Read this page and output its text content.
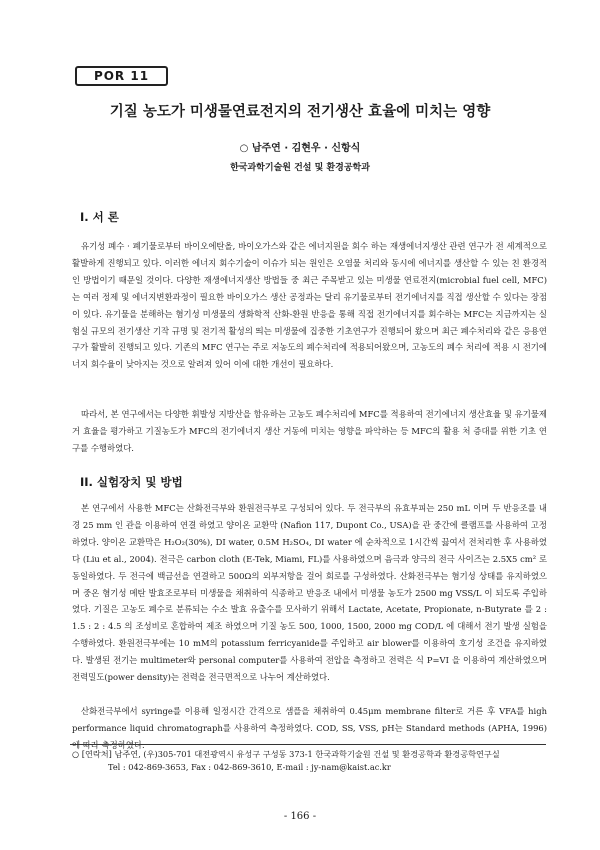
POR 11
기질 농도가 미생물연료전지의 전기생산 효율에 미치는 영향
○ 남주연 · 김현우 · 신항식
한국과학기술원 건설 및 환경공학과
I. 서 론

유기성 폐수 · 폐기물로부터 바이오에탄올, 바이오가스와 같은 에너지원을 회수 하는 재생에너지생산 관련 연구가 전 세계적으로 활발하게 진행되고 있다. 이러한 에너지 회수기술이 이슈가 되는 원인은 오염물 처리와 동시에 에너지를 생산할 수 있는 친 환경적인 방법이기 때문일 것이다. 다양한 재생에너지생산 방법들 중 최근 주목받고 있는 미생물 연료전지(microbial fuel cell, MFC)는 여러 정제 및 에너지변환과정이 필요한 바이오가스 생산 공정과는 달리 유기물로부터 전기에너지를 직접 생산할 수 있다는 장점이 있다. 유기물을 분해하는 혐기성 미생물의 생화학적 산화-환원 반응을 통해 직접 전기에너지를 회수하는 MFC는 지금까지는 실험실 규모의 전기생산 기작 규명 및 전기적 활성의 띄는 미생물에 집중한 기초연구가 진행되어 왔으며 최근 폐수처리와 같은 응용연구가 활발히 진행되고 있다. 기존의 MFC 연구는 주로 저농도의 폐수처리에 적용되어왔으며, 고농도의 폐수 처리에 적용 시 전기에너지 회수율이 낮아지는 것으로 알려져 있어 이에 대한 개선이 필요하다.

따라서, 본 연구에서는 다양한 휘발성 지방산을 함유하는 고농도 폐수처리에 MFC를 적용하여 전기에너지 생산효율 및 유기물제거 효율을 평가하고 기질농도가 MFC의 전기에너지 생산 거동에 미치는 영향을 파악하는 등 MFC의 활용 처 증대를 위한 기초 연구를 수행하였다.

II. 실험장치 및 방법

본 연구에서 사용한 MFC는 산화전극부와 환원전극부로 구성되어 있다. 두 전극부의 유효부피는 250 mL 이며 두 반응조를 내경 25 mm 인 관을 이용하여 연결 하였고 양이온 교환막 (Nafion 117, Dupont Co., USA)을 관 중간에 클램프를 사용하여 고정하였다. 양이온 교환막은 H₂O₂(30%), DI water, 0.5M H₂SO₄, DI water 에 순차적으로 1시간씩 끓여서 전처리한 후 사용하였다 (Liu et al., 2004). 전극은 carbon cloth (E-Tek, Miami, FL)를 사용하였으며 음극과 양극의 전극 사이즈는 2.5X5 cm² 로 동일하였다. 두 전극에 백금선을 연결하고 500Ω의 외부저항을 걸어 회로를 구성하였다. 산화전극부는 혐기성 상태를 유지하였으며 중온 혐기성 메탄 발효조로부터 미생물을 채취하여 식종하고 반응조 내에서 미생물 농도가 2500 mg VSS/L 이 되도록 주입하였다. 기질은 고농도 폐수로 분류되는 수소 발효 유출수를 모사하기 위해서 Lactate, Acetate, Propionate, n-Butyrate 를 2 : 1.5 : 2 : 4.5 의 조성비로 혼합하여 제조 하였으며 기질 농도 500, 1000, 1500, 2000 mg COD/L 에 대해서 전기 발생 실험을 수행하였다. 환원전극부에는 10 mM의 potassium ferricyanide를 주입하고 air blower를 이용하여 호기성 조건을 유지하였다. 발생된 전기는 multimeter와 personal computer를 사용하여 전압을 측정하고 전력은 식 P=VI 을 이용하여 계산하였으며 전력밀도(power density)는 전력을 전극면적으로 나누어 계산하였다.

산화전극부에서 syringe를 이용해 일정시간 간격으로 샘플을 채취하여 0.45μm membrane filter로 거른 후 VFA를 high performance liquid chromatograph를 사용하여 측정하였다. COD, SS, VSS, pH는 Standard methods (APHA, 1996)에 따라 측정하였다.

○ [연락처] 남주연, (우)305-701 대전광역시 유성구 구성동 373-1 한국과학기술원 건설 및 환경공학과 환경공학연구실

Tel : 042-869-3653, Fax : 042-869-3610, E-mail : jy-nam@kaist.ac.kr

- 166 -
